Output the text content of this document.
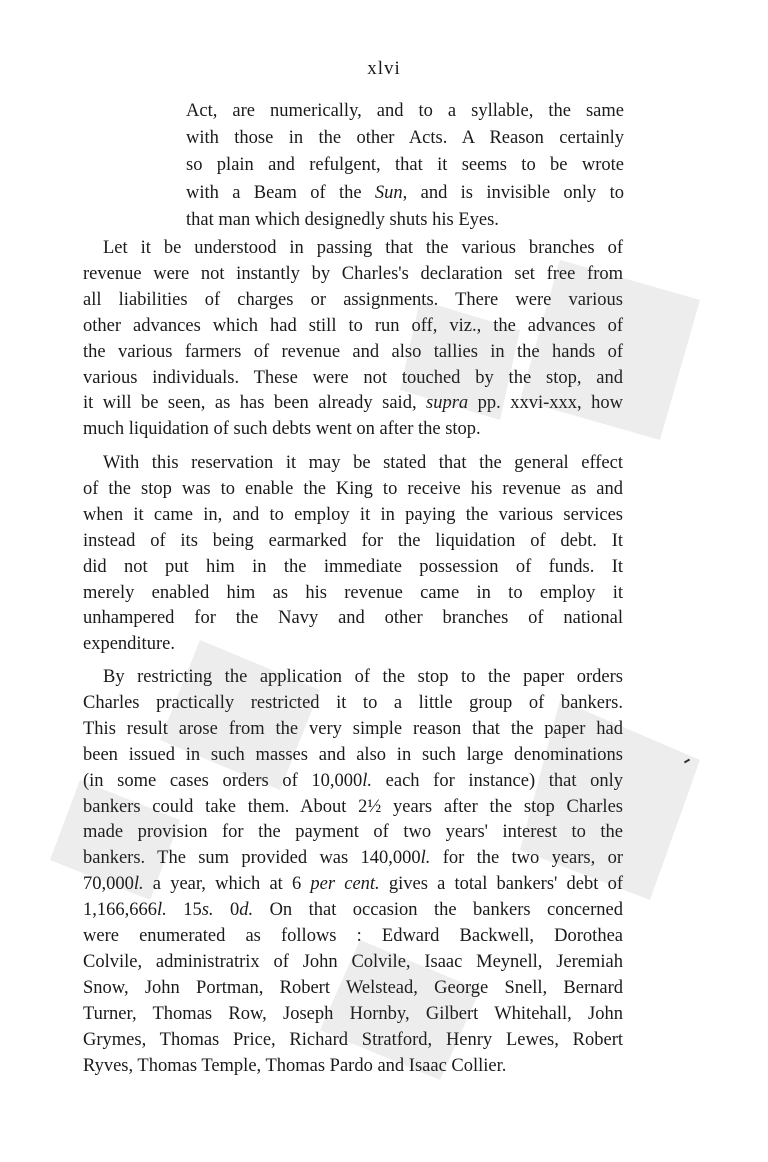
xlvi
Act, are numerically, and to a syllable, the same
with those in the other Acts. A Reason certainly
so plain and refulgent, that it seems to be wrote
with a Beam of the Sun, and is invisible only to
that man which designedly shuts his Eyes.
Let it be understood in passing that the various branches of
revenue were not instantly by Charles's declaration set free from
all liabilities of charges or assignments. There were various
other advances which had still to run off, viz., the advances of
the various farmers of revenue and also tallies in the hands of
various individuals. These were not touched by the stop, and
it will be seen, as has been already said, supra pp. xxvi-xxx, how
much liquidation of such debts went on after the stop.
With this reservation it may be stated that the general effect
of the stop was to enable the King to receive his revenue as and
when it came in, and to employ it in paying the various services
instead of its being earmarked for the liquidation of debt. It
did not put him in the immediate possession of funds. It
merely enabled him as his revenue came in to employ it
unhampered for the Navy and other branches of national
expenditure.
By restricting the application of the stop to the paper orders
Charles practically restricted it to a little group of bankers.
This result arose from the very simple reason that the paper had
been issued in such masses and also in such large denominations
(in some cases orders of 10,000l. each for instance) that only
bankers could take them. About 2½ years after the stop Charles
made provision for the payment of two years' interest to the
bankers. The sum provided was 140,000l. for the two years, or
70,000l. a year, which at 6 per cent. gives a total bankers' debt of
1,166,666l. 15s. 0d. On that occasion the bankers concerned
were enumerated as follows : Edward Backwell, Dorothea
Colvile, administratrix of John Colvile, Isaac Meynell, Jeremiah
Snow, John Portman, Robert Welstead, George Snell, Bernard
Turner, Thomas Row, Joseph Hornby, Gilbert Whitehall, John
Grymes, Thomas Price, Richard Stratford, Henry Lewes, Robert
Ryves, Thomas Temple, Thomas Pardo and Isaac Collier.
